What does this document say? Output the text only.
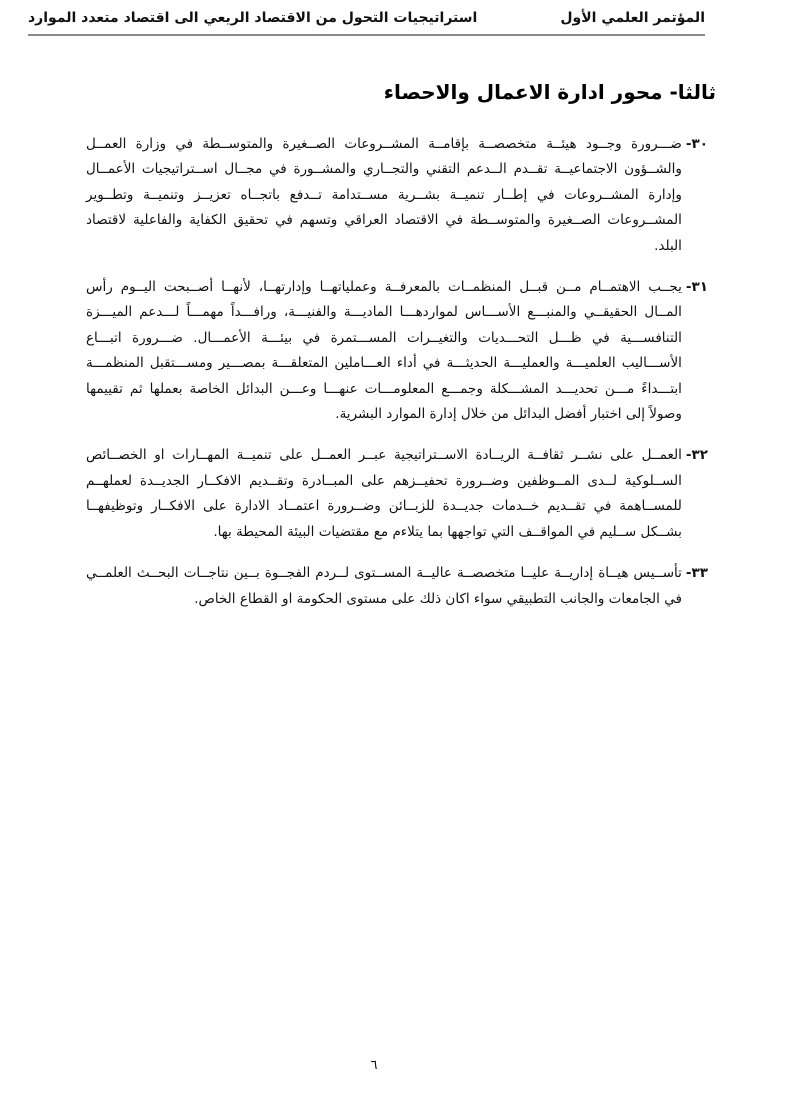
المؤتمر العلمي الأول
استراتيجيات التحول من الاقتصاد الريعي الى اقتصاد متعدد الموارد
ثالثا- محور ادارة الاعمال والاحصاء
٣٠-
ضـــرورة وجــود هيئــة متخصصــة بإقامــة المشــروعات الصــغيرة والمتوســطة في وزارة العمــل والشــؤون الاجتماعيــة تقــدم الــدعم التقني والتجــاري والمشــورة في مجــال اســتراتيجيات الأعمــال وإدارة المشــروعات في إطــار تنميــة بشــرية مســتدامة تــدفع باتجــاه تعزيــز وتنميــة وتطــوير المشــروعات الصــغيرة والمتوســطة في الاقتصاد العراقي وتسهم في تحقيق الكفاية والفاعلية لاقتصاد البلد.
٣١-
يجــب الاهتمــام مــن قبــل المنظمــات بالمعرفــة وعملياتهــا وإدارتهــا، لأنهــا أصــبحت اليــوم رأس المــال الحقيقــي والمنبـــع الأســـاس لمواردهـــا الماديـــة والفنيـــة، ورافـــداً مهمـــاً لـــدعم الميـــزة التنافســـية في ظـــل التحـــديات والتغيــرات المســـتمرة في بيئـــة الأعمـــال. ضـــرورة اتبـــاع الأســـاليب العلميـــة والعمليـــة الحديثـــة في أداء العـــاملين المتعلقـــة بمصـــير ومســـتقبل المنظمـــة ابتـــداءً مـــن تحديـــد المشـــكلة وجمـــع المعلومـــات عنهـــا وعـــن البدائل الخاصة بعملها ثم تقييمها وصولاً إلى اختبار أفضل البدائل من خلال إدارة الموارد البشرية.
٣٢-
العمــل على نشــر ثقافــة الريــادة الاســتراتيجية عبــر العمــل على تنميــة المهــارات او الخصــائص الســلوكية لــدى المــوظفين وضــرورة تحفيــزهم على المبــادرة وتقــديم الافكــار الجديــدة لعملهــم للمســاهمة في تقــديم خــدمات جديــدة للزبــائن وضــرورة اعتمــاد الادارة على الافكــار وتوظيفهــا بشــكل ســليم في المواقــف التي تواجهها بما يتلاءم مع مقتضيات البيئة المحيطة بها.
٣٣-
تأســيس هيــاة إداريــة عليــا متخصصــة عاليــة المســتوى لــردم الفجــوة بــين نتاجــات البحــث العلمــي في الجامعات والجانب التطبيقي سواء اكان ذلك على مستوى الحكومة او القطاع الخاص.
٦
